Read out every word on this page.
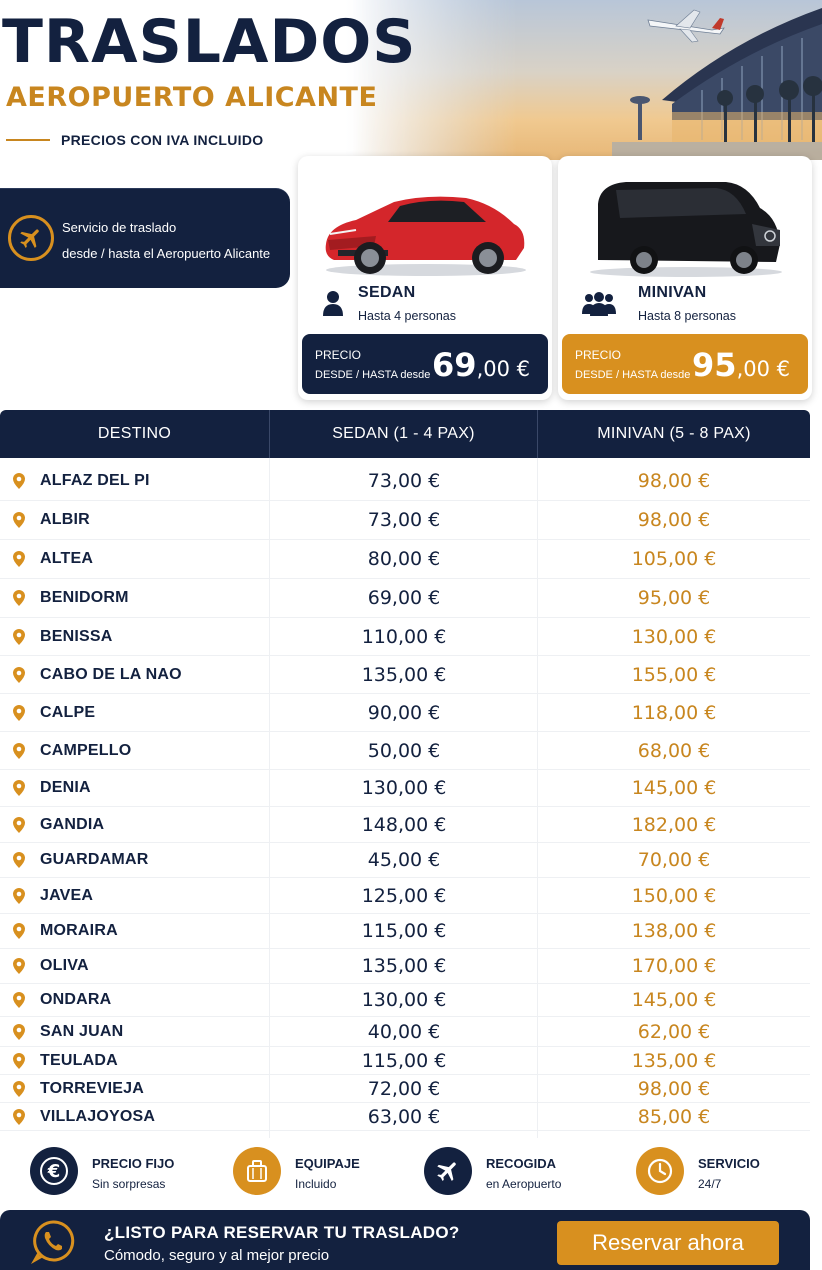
TRASLADOS
AEROPUERTO ALICANTE
PRECIOS CON IVA INCLUIDO
Servicio de traslado
desde / hasta el Aeropuerto Alicante
SEDAN
Hasta 4 personas
PRECIO
DESDE / HASTA desde 69 ,00 €
MINIVAN
Hasta 8 personas
PRECIO
DESDE / HASTA desde 95 ,00 €
DESTINO	SEDAN (1 - 4 PAX)	MINIVAN (5 - 8 PAX)
ALFAZ DEL PI	73,00 €	98,00 €
ALBIR	73,00 €	98,00 €
ALTEA	80,00 €	105,00 €
BENIDORM	69,00 €	95,00 €
BENISSA	110,00 €	130,00 €
CABO DE LA NAO	135,00 €	155,00 €
CALPE	90,00 €	118,00 €
CAMPELLO	50,00 €	68,00 €
DENIA	130,00 €	145,00 €
GANDIA	148,00 €	182,00 €
GUARDAMAR	45,00 €	70,00 €
JAVEA	125,00 €	150,00 €
MORAIRA	115,00 €	138,00 €
OLIVA	135,00 €	170,00 €
ONDARA	130,00 €	145,00 €
SAN JUAN	40,00 €	62,00 €
TEULADA	115,00 €	135,00 €
TORREVIEJA	72,00 €	98,00 €
VILLAJOYOSA	63,00 €	85,00 €
€ PRECIO FIJO
Sin sorpresas
EQUIPAJE
Incluido
RECOGIDA
en Aeropuerto
SERVICIO
24/7
¿LISTO PARA RESERVAR TU TRASLADO?
Cómodo, seguro y al mejor precio
Reservar ahora
